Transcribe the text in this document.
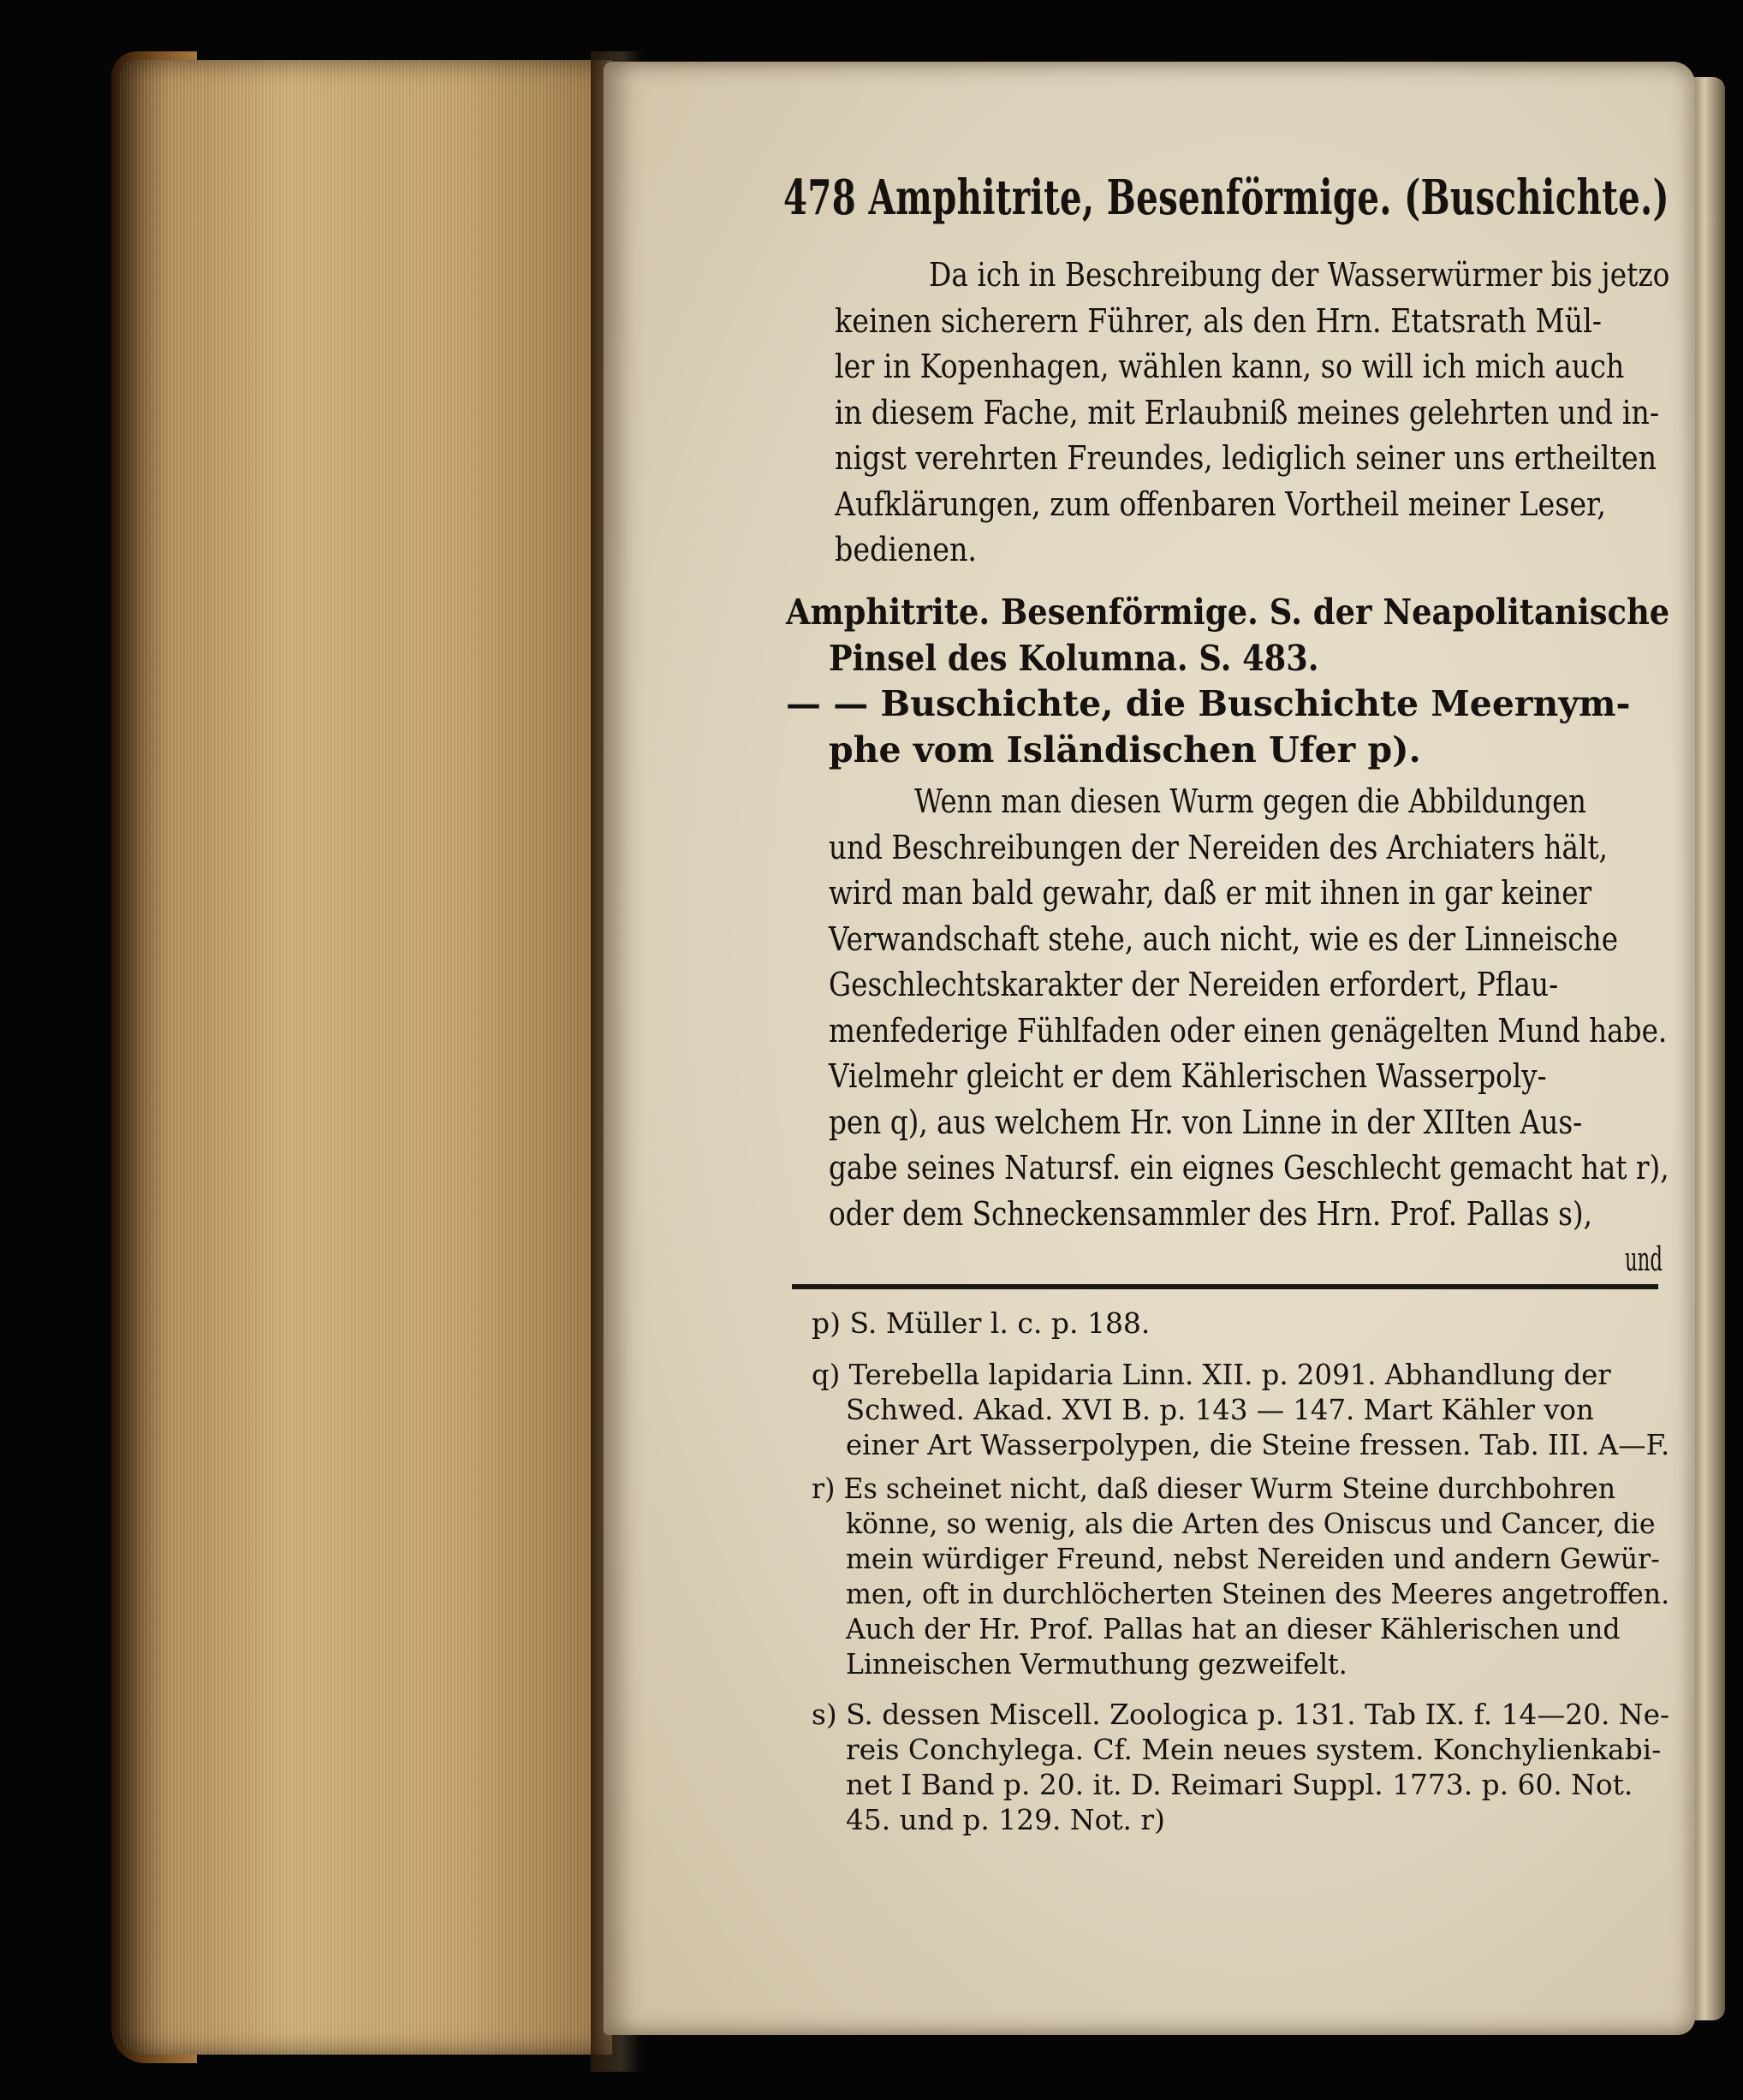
478 Amphitrite, Besenförmige. (Buschichte.)
Da ich in Beschreibung der Wasserwürmer bis jetzo
keinen sicherern Führer, als den Hrn. Etatsrath Mül-
ler in Kopenhagen, wählen kann, so will ich mich auch
in diesem Fache, mit Erlaubniß meines gelehrten und in-
nigst verehrten Freundes, lediglich seiner uns ertheilten
Aufklärungen, zum offenbaren Vortheil meiner Leser,
bedienen.
Amphitrite. Besenförmige. S. der Neapolitanische
Pinsel des Kolumna. S. 483.
— — Buschichte, die Buschichte Meernym-
phe vom Isländischen Ufer p).
Wenn man diesen Wurm gegen die Abbildungen
und Beschreibungen der Nereiden des Archiaters hält,
wird man bald gewahr, daß er mit ihnen in gar keiner
Verwandschaft stehe, auch nicht, wie es der Linneische
Geschlechtskarakter der Nereiden erfordert, Pflau-
menfederige Fühlfaden oder einen genägelten Mund habe.
Vielmehr gleicht er dem Kählerischen Wasserpoly-
pen q), aus welchem Hr. von Linne in der XIIten Aus-
gabe seines Natursf. ein eignes Geschlecht gemacht hat r),
oder dem Schneckensammler des Hrn. Prof. Pallas s),
und
p) S. Müller l. c. p. 188.
q) Terebella lapidaria Linn. XII. p. 2091. Abhandlung der
Schwed. Akad. XVI B. p. 143 — 147. Mart Kähler von
einer Art Wasserpolypen, die Steine fressen. Tab. III. A—F.
r) Es scheinet nicht, daß dieser Wurm Steine durchbohren
könne, so wenig, als die Arten des Oniscus und Cancer, die
mein würdiger Freund, nebst Nereiden und andern Gewür-
men, oft in durchlöcherten Steinen des Meeres angetroffen.
Auch der Hr. Prof. Pallas hat an dieser Kählerischen und
Linneischen Vermuthung gezweifelt.
s) S. dessen Miscell. Zoologica p. 131. Tab IX. f. 14—20. Ne-
reis Conchylega. Cf. Mein neues system. Konchylienkabi-
net I Band p. 20. it. D. Reimari Suppl. 1773. p. 60. Not.
45. und p. 129. Not. r)
